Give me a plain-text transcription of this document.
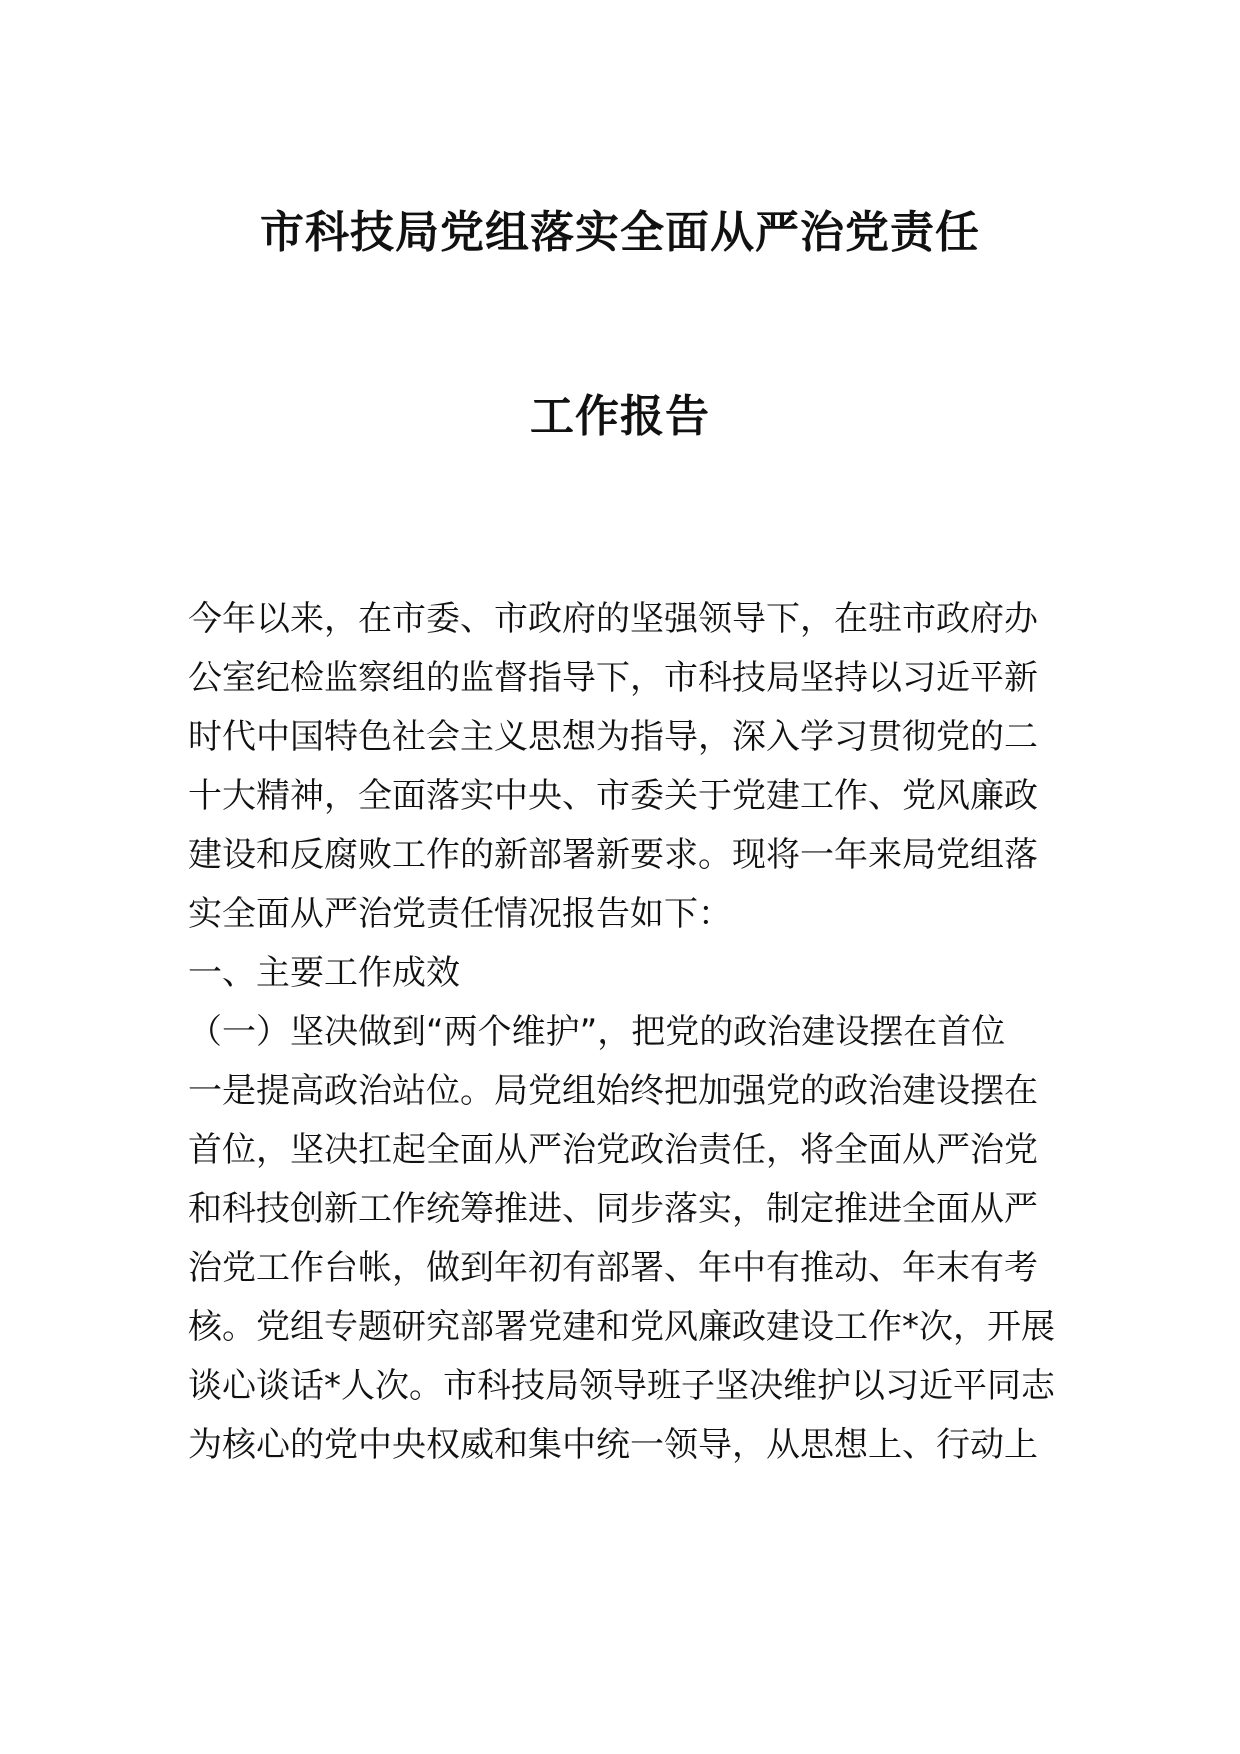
市科技局党组落实全面从严治党责任
工作报告
今年以来，在市委、市政府的坚强领导下，在驻市政府办
公室纪检监察组的监督指导下，市科技局坚持以习近平新
时代中国特色社会主义思想为指导，深入学习贯彻党的二
十大精神，全面落实中央、市委关于党建工作、党风廉政
建设和反腐败工作的新部署新要求。现将一年来局党组落
实全面从严治党责任情况报告如下：
一、主要工作成效
（一）坚决做到“两个维护”，把党的政治建设摆在首位
一是提高政治站位。局党组始终把加强党的政治建设摆在
首位，坚决扛起全面从严治党政治责任，将全面从严治党
和科技创新工作统筹推进、同步落实，制定推进全面从严
治党工作台帐，做到年初有部署、年中有推动、年末有考
核。党组专题研究部署党建和党风廉政建设工作*次，开展
谈心谈话*人次。市科技局领导班子坚决维护以习近平同志
为核心的党中央权威和集中统一领导，从思想上、行动上
